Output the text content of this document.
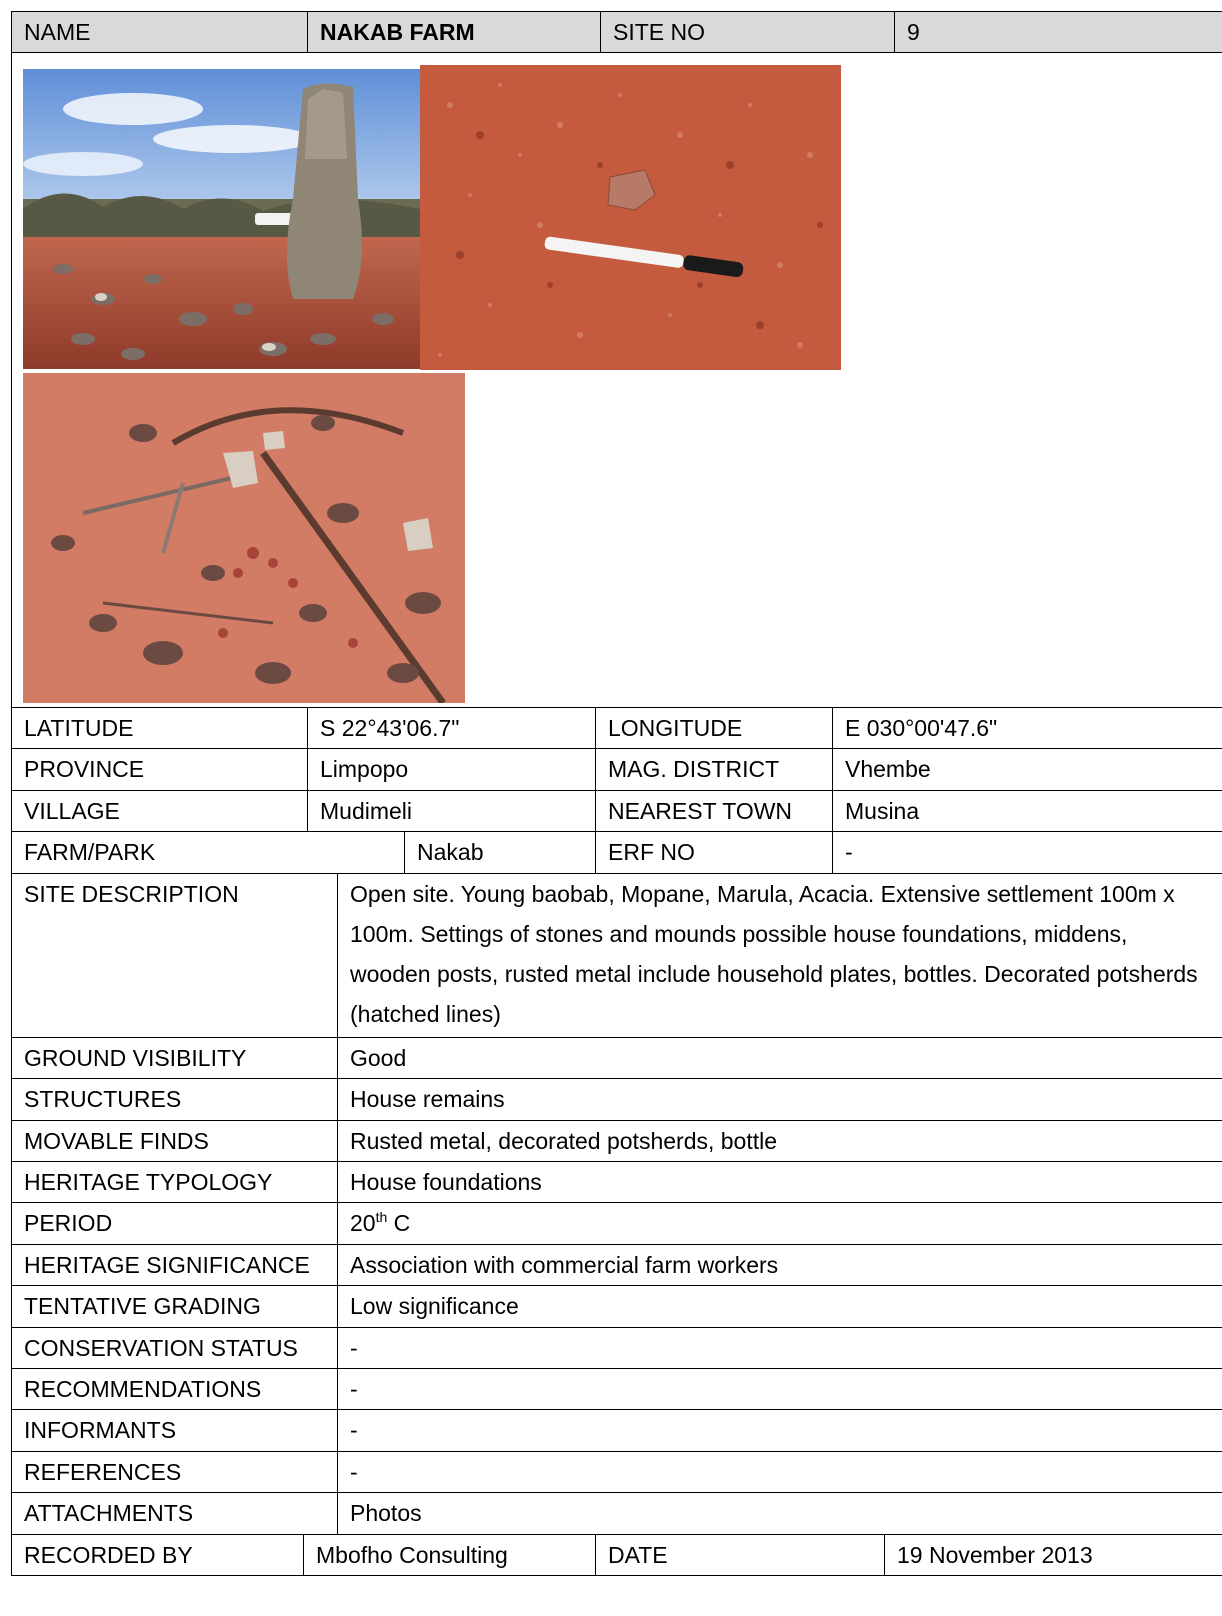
NAME	NAKAB FARM	SITE NO	9
LATITUDE	S 22°43'06.7"	LONGITUDE	E 030°00'47.6"
PROVINCE	Limpopo	MAG. DISTRICT	Vhembe
VILLAGE	Mudimeli	NEAREST TOWN	Musina
FARM/PARK	Nakab	ERF NO	-
SITE DESCRIPTION	Open site. Young baobab, Mopane, Marula, Acacia. Extensive settlement 100m x 100m. Settings of stones and mounds possible house foundations, middens, wooden posts, rusted metal include household plates, bottles. Decorated potsherds (hatched lines)
GROUND VISIBILITY	Good
STRUCTURES	House remains
MOVABLE FINDS	Rusted metal, decorated potsherds, bottle
HERITAGE TYPOLOGY	House foundations
PERIOD	20th C
HERITAGE SIGNIFICANCE	Association with commercial farm workers
TENTATIVE GRADING	Low significance
CONSERVATION STATUS	-
RECOMMENDATIONS	-
INFORMANTS	-
REFERENCES	-
ATTACHMENTS	Photos
RECORDED BY	Mbofho Consulting	DATE	19 November 2013
